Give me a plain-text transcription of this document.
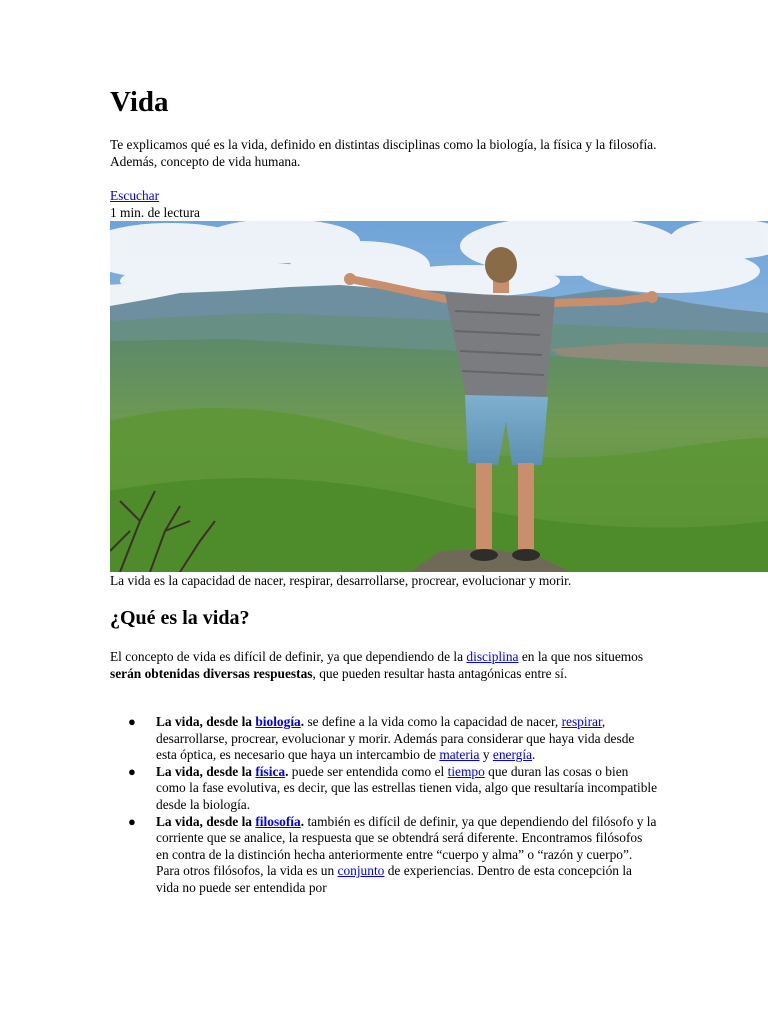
Vida

Te explicamos qué es la vida, definido en distintas disciplinas como la biología, la física y la filosofía. Además, concepto de vida humana.

Escuchar
1 min. de lectura
La vida es la capacidad de nacer, respirar, desarrollarse, procrear, evolucionar y morir.
¿Qué es la vida?

El concepto de vida es difícil de definir, ya que dependiendo de la disciplina en la que nos situemos serán obtenidas diversas respuestas, que pueden resultar hasta antagónicas entre sí.

● La vida, desde la biología. se define a la vida como la capacidad de nacer, respirar, desarrollarse, procrear, evolucionar y morir. Además para considerar que haya vida desde esta óptica, es necesario que haya un intercambio de materia y energía.
● La vida, desde la física. puede ser entendida como el tiempo que duran las cosas o bien como la fase evolutiva, es decir, que las estrellas tienen vida, algo que resultaría incompatible desde la biología.
● La vida, desde la filosofía. también es difícil de definir, ya que dependiendo del filósofo y la corriente que se analice, la respuesta que se obtendrá será diferente. Encontramos filósofos en contra de la distinción hecha anteriormente entre “cuerpo y alma” o “razón y cuerpo”. Para otros filósofos, la vida es un conjunto de experiencias. Dentro de esta concepción la vida no puede ser entendida por
